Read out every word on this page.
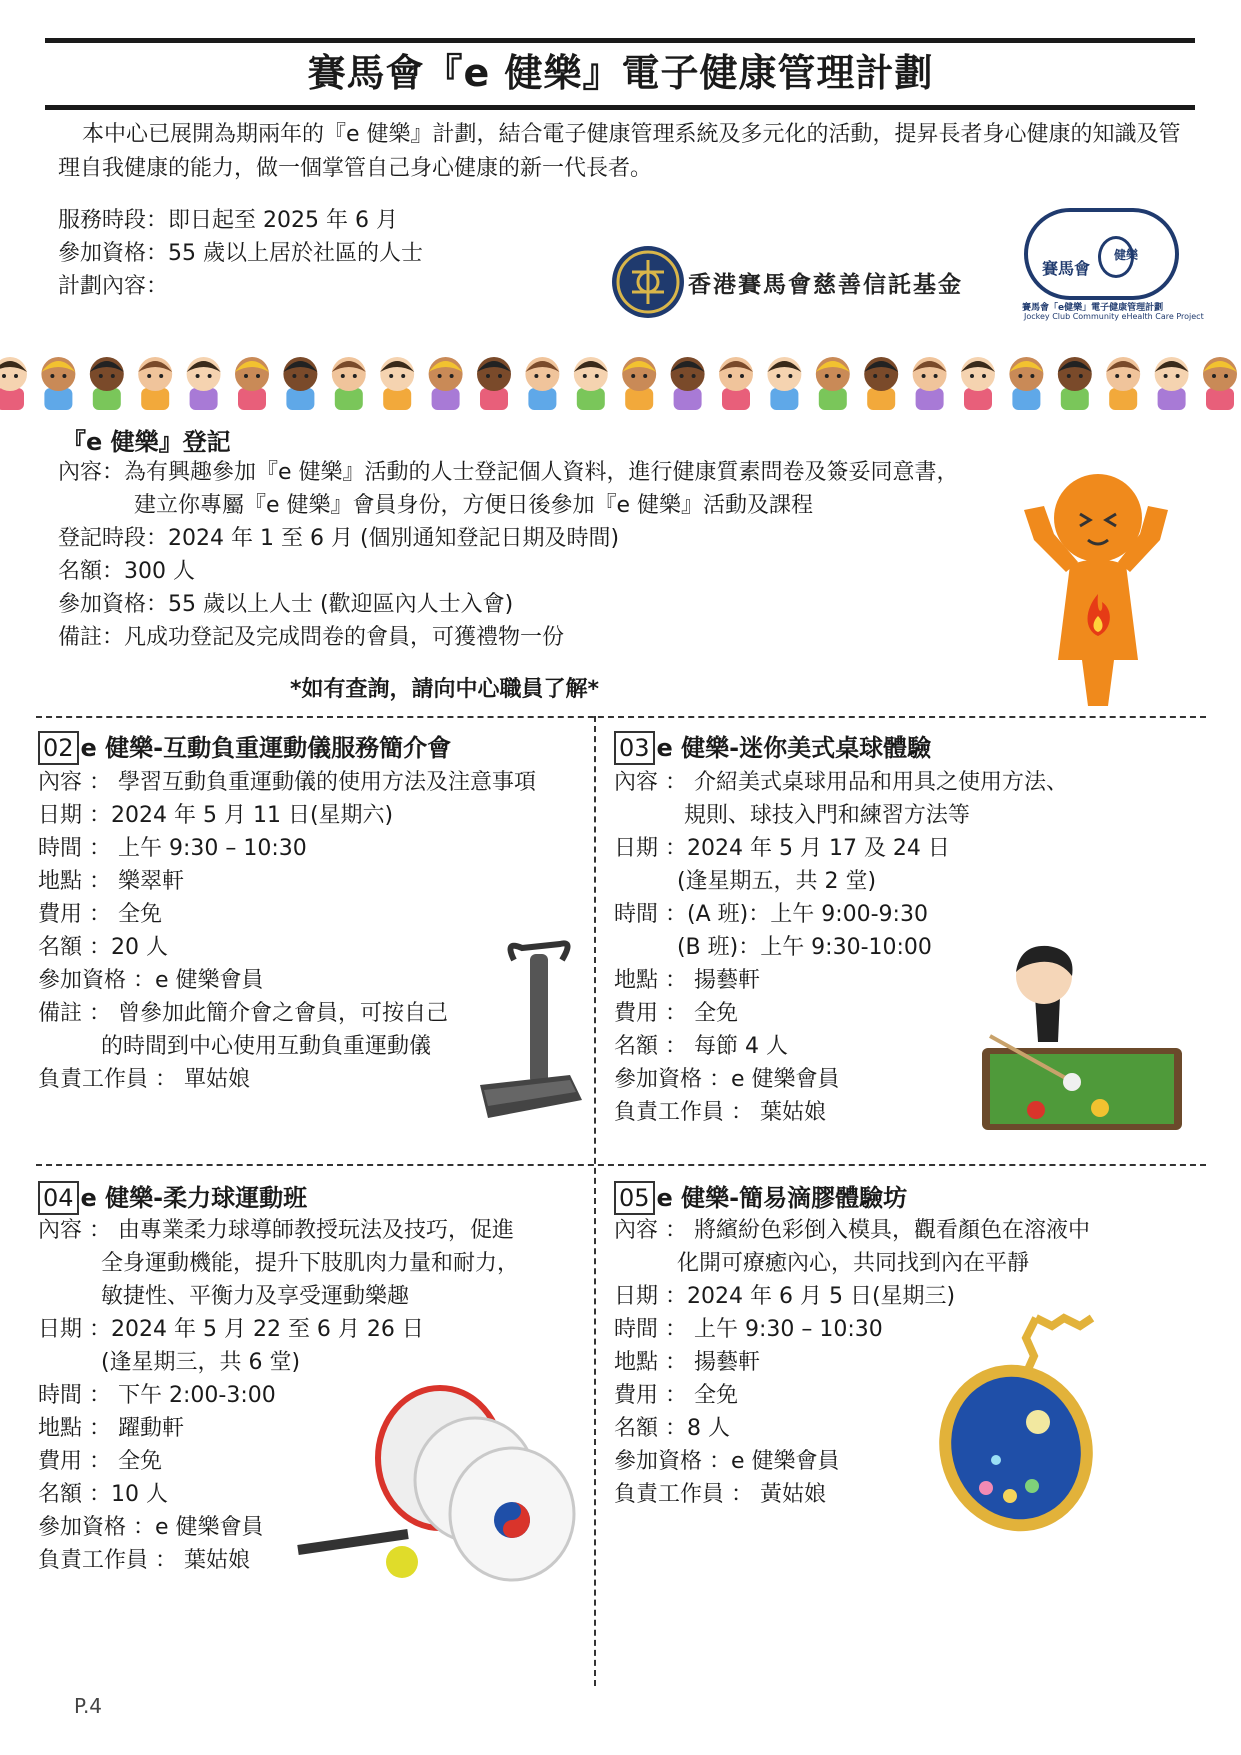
賽馬會『e 健樂』電子健康管理計劃
本中心已展開為期兩年的『e 健樂』計劃，結合電子健康管理系統及多元化的活動，提昇長者身心健康的知識及管理自我健康的能力，做一個掌管自己身心健康的新一代長者。
服務時段：即日起至 2025 年 6 月
參加資格：55 歲以上居於社區的人士
計劃內容：	香港賽馬會慈善信託基金
賽馬會
健樂
賽馬會「e健樂」電子健康管理計劃
Jockey Club Community eHealth Care Project
『e 健樂』登記
內容：為有興趣參加『e 健樂』活動的人士登記個人資料，進行健康質素問卷及簽妥同意書，
建立你專屬『e 健樂』會員身份，方便日後參加『e 健樂』活動及課程
登記時段：2024 年 1 至 6 月 (個別通知登記日期及時間)
名額：300 人
參加資格：55 歲以上人士 (歡迎區內人士入會)
備註：凡成功登記及完成問卷的會員，可獲禮物一份
*如有查詢，請向中心職員了解*
02 e 健樂-互動負重運動儀服務簡介會
內容 ： 學習互動負重運動儀的使用方法及注意事項
日期 ：2024 年 5 月 11 日(星期六)
時間 ： 上午 9:30 – 10:30
地點 ： 樂翠軒
費用 ： 全免
名額 ：20 人
參加資格 ：e 健樂會員
備註 ： 曾參加此簡介會之會員，可按自己
的時間到中心使用互動負重運動儀
負責工作員 ： 單姑娘
03 e 健樂-迷你美式桌球體驗
內容 ： 介紹美式桌球用品和用具之使用方法、
規則、球技入門和練習方法等
日期 ：2024 年 5 月 17 及 24 日
(逢星期五，共 2 堂)
時間 ：(A 班)：上午 9:00-9:30
(B 班)：上午 9:30-10:00
地點 ： 揚藝軒
費用 ： 全免
名額 ： 每節 4 人
參加資格 ：e 健樂會員
負責工作員 ： 葉姑娘
04 e 健樂-柔力球運動班
內容 ： 由專業柔力球導師教授玩法及技巧，促進
全身運動機能，提升下肢肌肉力量和耐力，
敏捷性、平衡力及享受運動樂趣
日期 ：2024 年 5 月 22 至 6 月 26 日
(逢星期三，共 6 堂)
時間 ： 下午 2:00-3:00
地點 ： 躍動軒
費用 ： 全免
名額 ：10 人
參加資格 ：e 健樂會員
負責工作員 ： 葉姑娘
05 e 健樂-簡易滴膠體驗坊
內容 ： 將繽紛色彩倒入模具，觀看顏色在溶液中
化開可療癒內心，共同找到內在平靜
日期 ：2024 年 6 月 5 日(星期三)
時間 ： 上午 9:30 – 10:30
地點 ： 揚藝軒
費用 ： 全免
名額 ：8 人
參加資格 ：e 健樂會員
負責工作員 ： 黃姑娘
P.4
